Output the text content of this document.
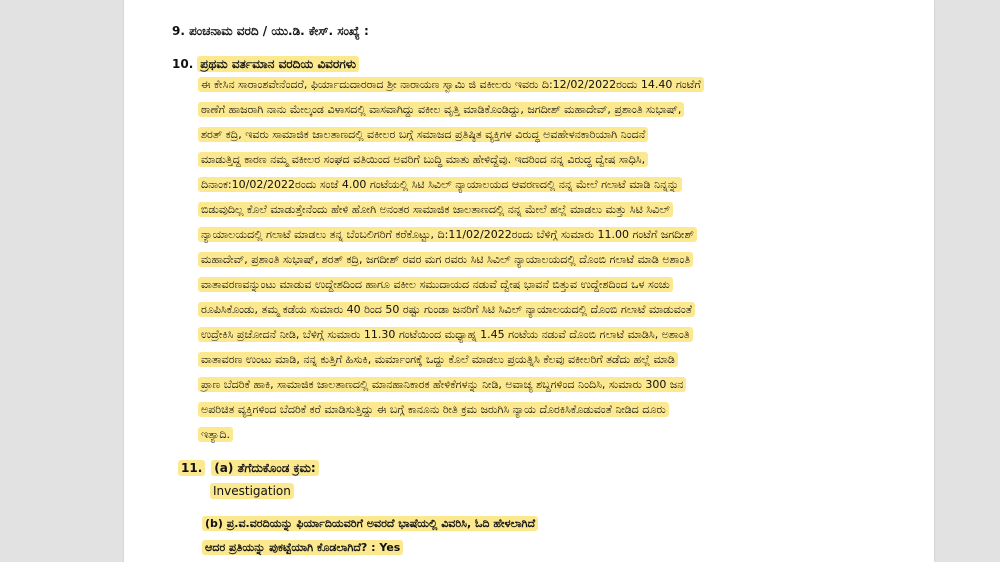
9. ಪಂಚನಾಮ ವರದಿ / ಯು.ಡಿ. ಕೇಸ್. ಸಂಖ್ಯೆ :
10. ಪ್ರಥಮ ವರ್ತಮಾನ ವರದಿಯ ವಿವರಗಳು
ಈ ಕೇಸಿನ ಸಾರಾಂಶವೇನೆಂದರೆ, ಫಿರ್ಯಾದುದಾರರಾದ ಶ್ರೀ ನಾರಾಯಣ ಸ್ವಾಮಿ ಜಿ ವಕೀಲರು ಇವರು ದಿ:12/02/2022ರಂದು 14.40 ಗಂಟೆಗೆ
ಠಾಣೆಗೆ ಹಾಜರಾಗಿ ನಾನು ಮೇಲ್ಕಂಡ ವಿಳಾಸದಲ್ಲಿ ವಾಸವಾಗಿದ್ದು ವಕೀಲ ವೃತ್ತಿ ಮಾಡಿಕೊಂಡಿದ್ದು, ಜಗದೀಶ್ ಮಹಾದೇವ್, ಪ್ರಶಾಂತಿ ಸುಭಾಷ್,
ಶರತ್ ಕದ್ರಿ, ಇವರು ಸಾಮಾಜಿಕ ಜಾಲತಾಣದಲ್ಲಿ ವಕೀಲರ ಬಗ್ಗೆ ಸಮಾಜದ ಪ್ರತಿಷ್ಠಿತ ವ್ಯಕ್ತಿಗಳ ವಿರುದ್ಧ ಅವಹೇಳನಕಾರಿಯಾಗಿ ನಿಂದನೆ
ಮಾಡುತ್ತಿದ್ದ ಕಾರಣ ನಮ್ಮ ವಕೀಲರ ಸಂಘದ ವತಿಯಿಂದ ಅವರಿಗೆ ಬುದ್ಧಿ ಮಾತು ಹೇಳಿದ್ದೆವು. ಇದರಿಂದ ನನ್ನ ವಿರುದ್ಧ ದ್ವೇಷ ಸಾಧಿಸಿ,
ದಿನಾಂಕ:10/02/2022ರಂದು ಸಂಜೆ 4.00 ಗಂಟೆಯಲ್ಲಿ ಸಿಟಿ ಸಿವಿಲ್ ನ್ಯಾಯಾಲಯದ ಆವರಣದಲ್ಲಿ ನನ್ನ ಮೇಲೆ ಗಲಾಟೆ ಮಾಡಿ ನಿನ್ನನ್ನು
ಬಿಡುವುದಿಲ್ಲ ಕೊಲೆ ಮಾಡುತ್ತೇನೆಂದು ಹೇಳಿ ಹೋಗಿ ಅನಂತರ ಸಾಮಾಜಿಕ ಜಾಲತಾಣದಲ್ಲಿ ನನ್ನ ಮೇಲೆ ಹಲ್ಲೆ ಮಾಡಲು ಮತ್ತು ಸಿಟಿ ಸಿವಿಲ್
ನ್ಯಾಯಾಲಯದಲ್ಲಿ ಗಲಾಟೆ ಮಾಡಲು ತನ್ನ ಬೆಂಬಲಿಗರಿಗೆ ಕರೆಕೊಟ್ಟು, ದಿ:11/02/2022ರಂದು ಬೆಳಿಗ್ಗೆ ಸುಮಾರು 11.00 ಗಂಟೆಗೆ ಜಗದೀಶ್
ಮಹಾದೇವ್, ಪ್ರಶಾಂತಿ ಸುಭಾಷ್, ಶರತ್ ಕದ್ರಿ, ಜಗದೀಶ್ ರವರ ಮಗ ರವರು ಸಿಟಿ ಸಿವಿಲ್ ನ್ಯಾಯಾಲಯದಲ್ಲಿ ದೊಂಬಿ ಗಲಾಟೆ ಮಾಡಿ ಅಶಾಂತಿ
ವಾತಾವರಣವನ್ನುಂಟು ಮಾಡುವ ಉದ್ದೇಶದಿಂದ ಹಾಗೂ ವಕೀಲ ಸಮುದಾಯದ ನಡುವೆ ದ್ವೇಷ ಭಾವನೆ ಬಿತ್ತುವ ಉದ್ದೇಶದಿಂದ ಒಳ ಸಂಚು
ರೂಪಿಸಿಕೊಂಡು, ತಮ್ಮ ಕಡೆಯ ಸುಮಾರು 40 ರಿಂದ 50 ರಷ್ಟು ಗುಂಡಾ ಜನರಿಗೆ ಸಿಟಿ ಸಿವಿಲ್ ನ್ಯಾಯಾಲಯದಲ್ಲಿ ದೊಂಬಿ ಗಲಾಟೆ ಮಾಡುವಂತೆ
ಉದ್ರೇಕಿಸಿ ಪ್ರಚೋದನೆ ನೀಡಿ, ಬೆಳಿಗ್ಗೆ ಸುಮಾರು 11.30 ಗಂಟೆಯಿಂದ ಮಧ್ಯಾಹ್ನ 1.45 ಗಂಟೆಯ ನಡುವೆ ದೊಂಬಿ ಗಲಾಟೆ ಮಾಡಿಸಿ, ಅಶಾಂತಿ
ವಾತಾವರಣ ಉಂಟು ಮಾಡಿ, ನನ್ನ ಕುತ್ತಿಗೆ ಹಿಸುಕಿ, ಮರ್ಮಾಂಗಕ್ಕೆ ಒದ್ದು ಕೊಲೆ ಮಾಡಲು ಪ್ರಯತ್ನಿಸಿ ಕೆಲವು ವಕೀಲರಿಗೆ ತಡೆದು ಹಲ್ಲೆ ಮಾಡಿ
ಪ್ರಾಣ ಬೆದರಿಕೆ ಹಾಕಿ, ಸಾಮಾಜಿಕ ಜಾಲತಾಣದಲ್ಲಿ ಮಾನಹಾನಿಕಾರಕ ಹೇಳಿಕೆಗಳನ್ನು ನೀಡಿ, ಅವಾಚ್ಯ ಶಬ್ದಗಳಿಂದ ನಿಂದಿಸಿ, ಸುಮಾರು 300 ಜನ
ಅಪರಿಚಿತ ವ್ಯಕ್ತಿಗಳಿಂದ ಬೆದರಿಕೆ ಕರೆ ಮಾಡಿಸುತ್ತಿದ್ದು ಈ ಬಗ್ಗೆ ಕಾನೂನು ರೀತಿ ಕ್ರಮ ಜರುಗಿಸಿ ನ್ಯಾಯ ದೊರಕಿಸಿಕೊಡುವಂತೆ ನೀಡಿದ ದೂರು
ಇತ್ಯಾದಿ.
11. (a) ತೆಗೆದುಕೊಂಡ ಕ್ರಮ:
Investigation
(b) ಪ್ರ.ವ.ವರದಿಯನ್ನು ಫಿರ್ಯಾದಿಯವರಿಗೆ ಅವರದೆ ಭಾಷೆಯಲ್ಲಿ ವಿವರಿಸಿ, ಓದಿ ಹೇಳಲಾಗಿದೆ
ಆದರ ಪ್ರತಿಯನ್ನು ಪುಕಟ್ಟೆಯಾಗಿ ಕೊಡಲಾಗಿದೆ? : Yes
